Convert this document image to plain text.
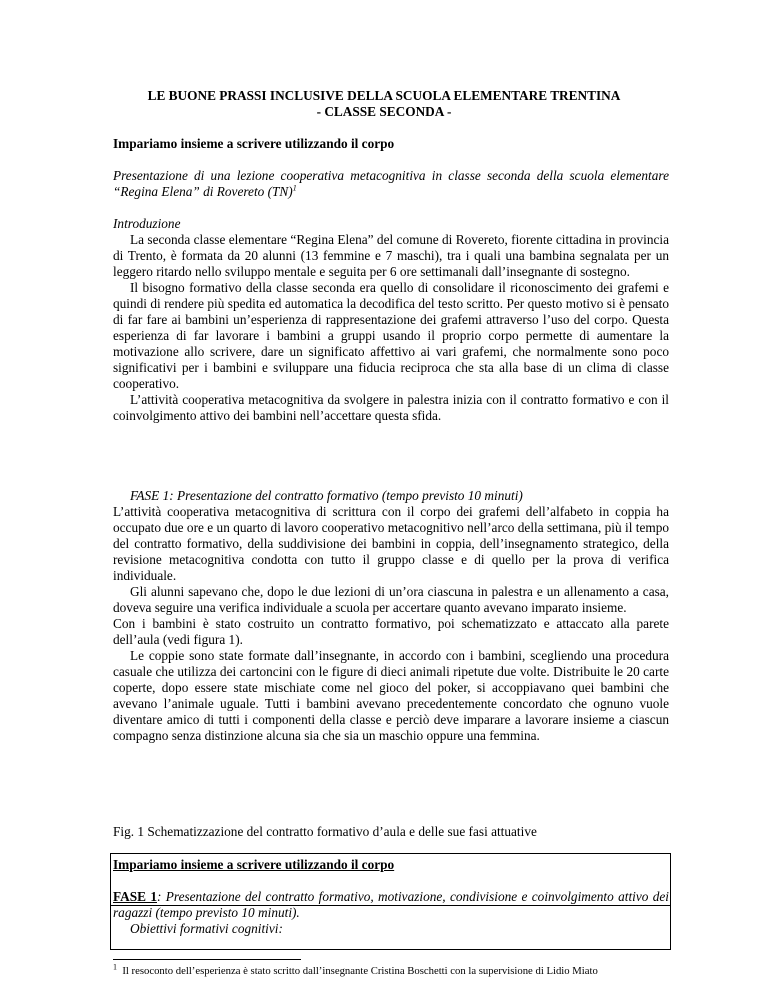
LE BUONE PRASSI INCLUSIVE DELLA SCUOLA ELEMENTARE TRENTINA
- CLASSE SECONDA -
Impariamo insieme a scrivere utilizzando il corpo

Presentazione di una lezione cooperativa metacognitiva in classe seconda della scuola elementare “Regina Elena” di Rovereto (TN)$^1$

Introduzione

La seconda classe elementare “Regina Elena” del comune di Rovereto, fiorente cittadina in provincia di Trento, è formata da 20 alunni (13 femmine e 7 maschi), tra i quali una bambina segnalata per un leggero ritardo nello sviluppo mentale e seguita per 6 ore settimanali dall’insegnante di sostegno.

Il bisogno formativo della classe seconda era quello di consolidare il riconoscimento dei grafemi e quindi di rendere più spedita ed automatica la decodifica del testo scritto. Per questo motivo si è pensato di far fare ai bambini un’esperienza di rappresentazione dei grafemi attraverso l’uso del corpo. Questa esperienza di far lavorare i bambini a gruppi usando il proprio corpo permette di aumentare la motivazione allo scrivere, dare un significato affettivo ai vari grafemi, che normalmente sono poco significativi per i bambini e sviluppare una fiducia reciproca che sta alla base di un clima di classe cooperativo.

L’attività cooperativa metacognitiva da svolgere in palestra inizia con il contratto formativo e con il coinvolgimento attivo dei bambini nell’accettare questa sfida.

FASE 1: Presentazione del contratto formativo (tempo previsto 10 minuti)

L’attività cooperativa metacognitiva di scrittura con il corpo dei grafemi dell’alfabeto in coppia ha occupato due ore e un quarto di lavoro cooperativo metacognitivo nell’arco della settimana, più il tempo del contratto formativo, della suddivisione dei bambini in coppia, dell’insegnamento strategico, della revisione metacognitiva condotta con tutto il gruppo classe e di quello per la prova di verifica individuale.

Gli alunni sapevano che, dopo le due lezioni di un’ora ciascuna in palestra e un allenamento a casa, doveva seguire una verifica individuale a scuola per accertare quanto avevano imparato insieme.

Con i bambini è stato costruito un contratto formativo, poi schematizzato e attaccato alla parete dell’aula (vedi figura 1).

Le coppie sono state formate dall’insegnante, in accordo con i bambini, scegliendo una procedura casuale che utilizza dei cartoncini con le figure di dieci animali ripetute due volte. Distribuite le 20 carte coperte, dopo essere state mischiate come nel gioco del poker, si accoppiavano quei bambini che avevano l’animale uguale. Tutti i bambini avevano precedentemente concordato che ognuno vuole diventare amico di tutti i componenti della classe e perciò deve imparare a lavorare insieme a ciascun compagno senza distinzione alcuna sia che sia un maschio oppure una femmina.

Fig. 1 Schematizzazione del contratto formativo d’aula e delle sue fasi attuative
Impariamo insieme a scrivere utilizzando il corpo

FASE 1: Presentazione del contratto formativo, motivazione, condivisione e coinvolgimento attivo dei ragazzi (tempo previsto 10 minuti).

Obiettivi formativi cognitivi:

$^1$ Il resoconto dell’esperienza è stato scritto dall’insegnante Cristina Boschetti con la supervisione di Lidio Miato
